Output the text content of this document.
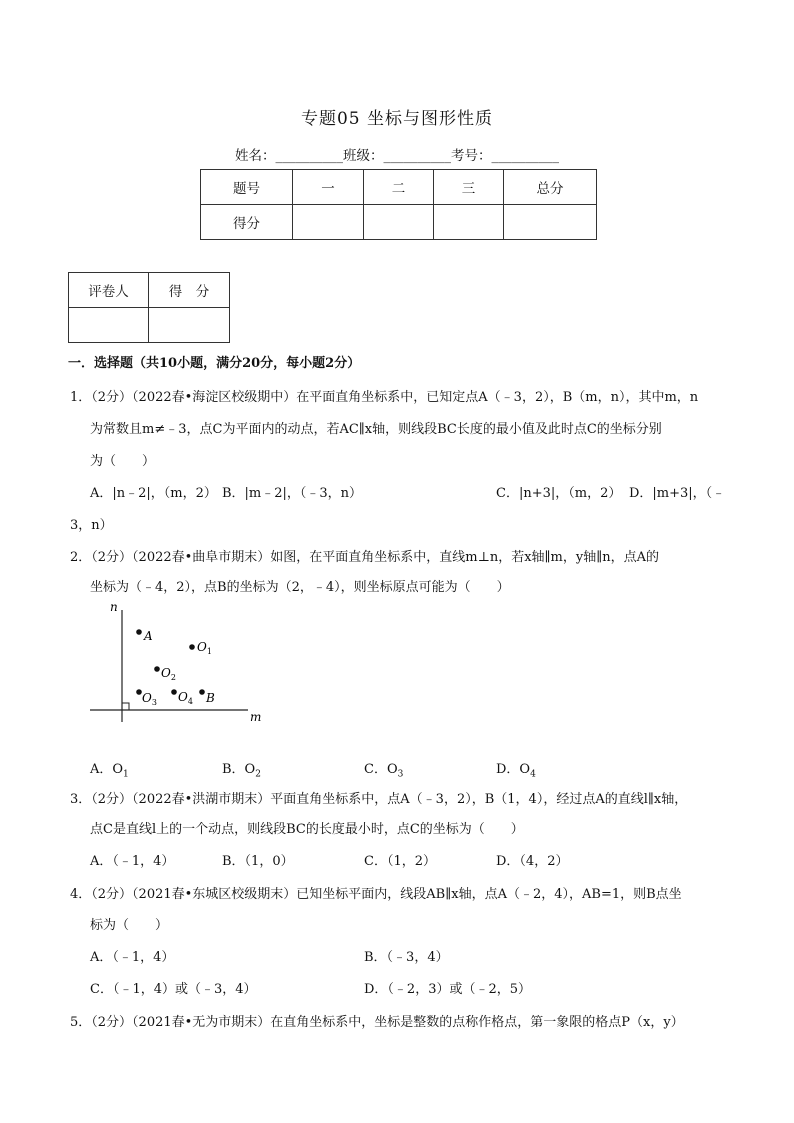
专题05 坐标与图形性质
姓名：__________班级：__________考号：__________
题号	一	二	三	总分
得分				
评卷人	得　分

一．选择题（共10小题，满分20分，每小题2分）
1．（2分）（2022春•海淀区校级期中）在平面直角坐标系中，已知定点A（﹣3，2），B（m，n），其中m，n
为常数且m≠﹣3，点C为平面内的动点，若AC∥x轴，则线段BC长度的最小值及此时点C的坐标分别
为（　　）
A．|n﹣2|，（m，2） B．|m﹣2|，（﹣3，n）	C．|n+3|，（m，2） D．|m+3|，（﹣
3，n）
2．（2分）（2022春•曲阜市期末）如图，在平面直角坐标系中，直线m⊥n，若x轴∥m，y轴∥n，点A的
坐标为（﹣4，2），点B的坐标为（2，﹣4），则坐标原点可能为（　　）
n
m
A
$O_1$
$O_2$
$O_3$ $O_4$ B
A．$O_1$	B．$O_2$	C．$O_3$	D．$O_4$
3．（2分）（2022春•洪湖市期末）平面直角坐标系中，点A（﹣3，2），B（1，4），经过点A的直线l∥x轴，
点C是直线l上的一个动点，则线段BC的长度最小时，点C的坐标为（　　）
A．（﹣1，4）	B．（1，0）	C．（1，2）	D．（4，2）
4．（2分）（2021春•东城区校级期末）已知坐标平面内，线段AB∥x轴，点A（﹣2，4），AB=1，则B点坐
标为（　　）
A．（﹣1，4）	B．（﹣3，4）
C．（﹣1，4）或（﹣3，4）	D．（﹣2，3）或（﹣2，5）
5．（2分）（2021春•无为市期末）在直角坐标系中，坐标是整数的点称作格点，第一象限的格点P（x，y）
